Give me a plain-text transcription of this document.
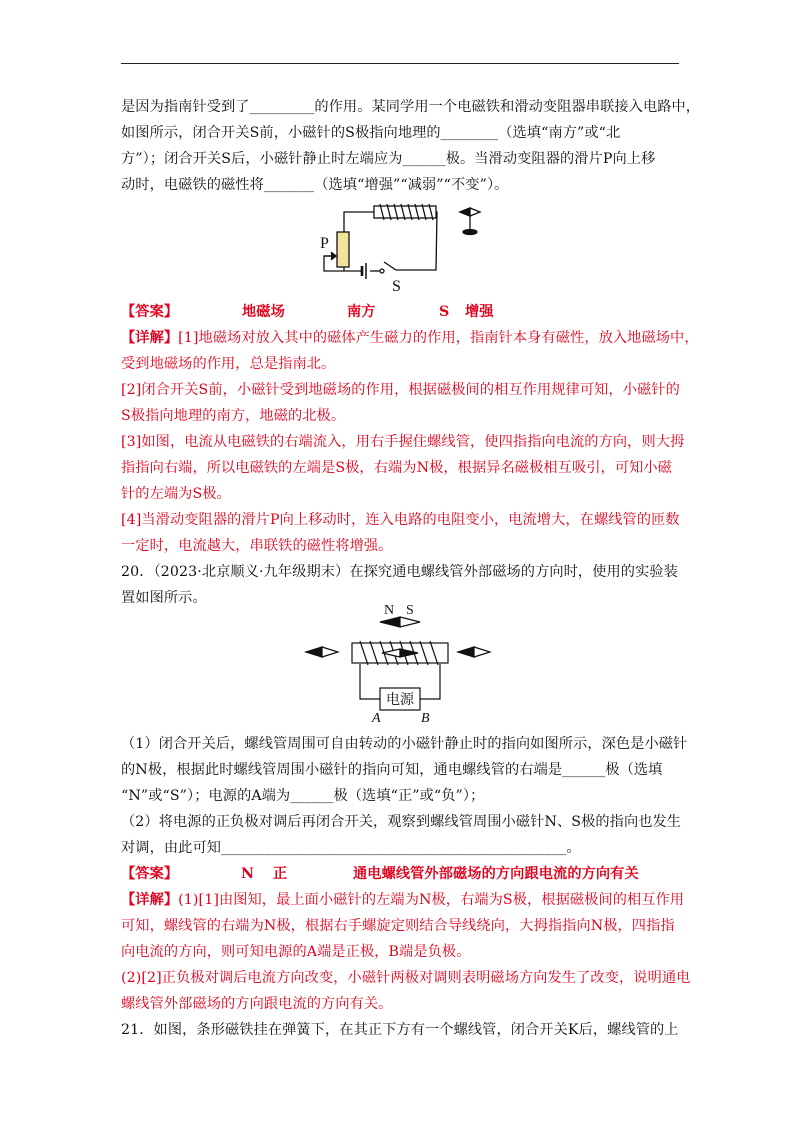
是因为指南针受到了_________的作用。某同学用一个电磁铁和滑动变阻器串联接入电路中，
如图所示，闭合开关S前，小磁针的S极指向地理的________（选填“南方”或“北
方”）；闭合开关S后，小磁针静止时左端应为______极。当滑动变阻器的滑片P向上移
动时，电磁铁的磁性将_______（选填“增强”“减弱”“不变”）。
P
S
【答案】	地磁场	南方	S 增强
【详解】[1]地磁场对放入其中的磁体产生磁力的作用，指南针本身有磁性，放入地磁场中，
受到地磁场的作用，总是指南北。
[2]闭合开关S前，小磁针受到地磁场的作用，根据磁极间的相互作用规律可知，小磁针的
S极指向地理的南方，地磁的北极。
[3]如图，电流从电磁铁的右端流入，用右手握住螺线管，使四指指向电流的方向，则大拇
指指向右端，所以电磁铁的左端是S极，右端为N极，根据异名磁极相互吸引，可知小磁
针的左端为S极。
[4]当滑动变阻器的滑片P向上移动时，连入电路的电阻变小，电流增大，在螺线管的匝数
一定时，电流越大，串联铁的磁性将增强。
20．（2023·北京顺义·九年级期末）在探究通电螺线管外部磁场的方向时，使用的实验装
置如图所示。
N S
电源
A	B
（1）闭合开关后，螺线管周围可自由转动的小磁针静止时的指向如图所示，深色是小磁针
的N极，根据此时螺线管周围小磁针的指向可知，通电螺线管的右端是______极（选填
“N”或“S”）；电源的A端为______极（选填“正”或“负”）；
（2）将电源的正负极对调后再闭合开关，观察到螺线管周围小磁针N、S极的指向也发生
对调，由此可知________________________________________________。
【答案】	N 正	通电螺线管外部磁场的方向跟电流的方向有关
【详解】(1)[1]由图知，最上面小磁针的左端为N极，右端为S极，根据磁极间的相互作用
可知，螺线管的右端为N极，根据右手螺旋定则结合导线绕向，大拇指指向N极，四指指
向电流的方向，则可知电源的A端是正极，B端是负极。
(2)[2]正负极对调后电流方向改变，小磁针两极对调则表明磁场方向发生了改变，说明通电
螺线管外部磁场的方向跟电流的方向有关。
21．如图，条形磁铁挂在弹簧下，在其正下方有一个螺线管，闭合开关K后，螺线管的上
